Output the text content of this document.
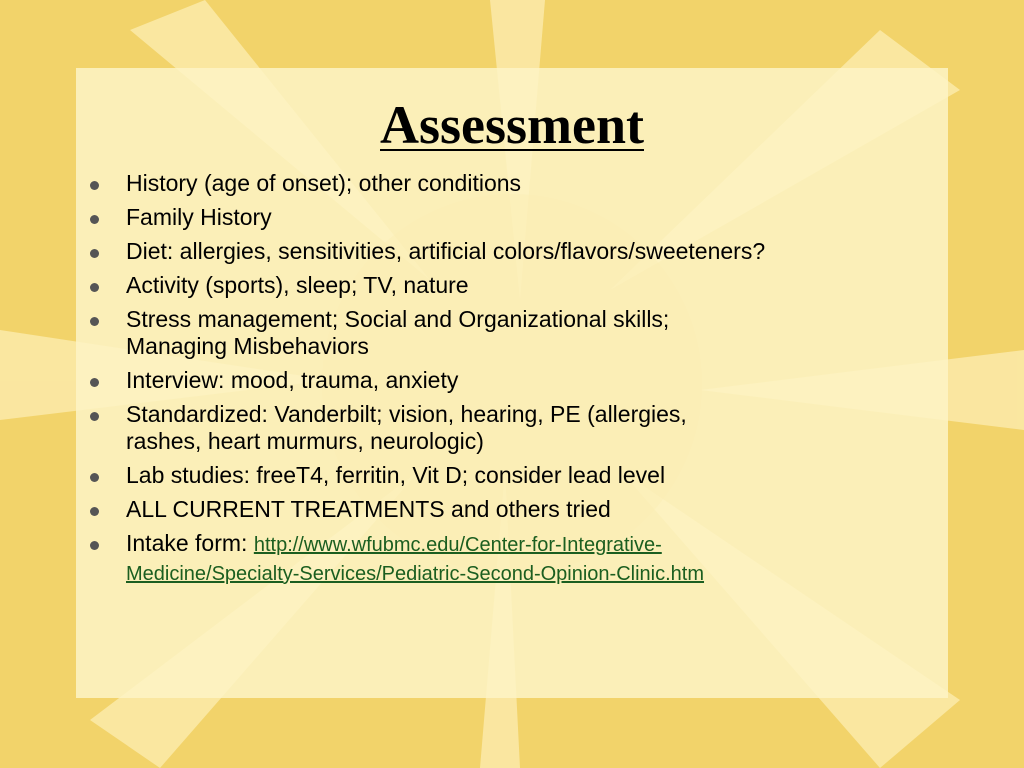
Assessment
History (age of onset); other conditions
Family History
Diet: allergies, sensitivities, artificial colors/flavors/sweeteners?
Activity (sports), sleep; TV, nature
Stress management; Social and Organizational skills;
Managing Misbehaviors
Interview: mood, trauma, anxiety
Standardized: Vanderbilt; vision, hearing, PE (allergies,
rashes, heart murmurs, neurologic)
Lab studies: freeT4, ferritin, Vit D; consider lead level
ALL CURRENT TREATMENTS and others tried
Intake form: http://www.wfubmc.edu/Center-for-Integrative-
Medicine/Specialty-Services/Pediatric-Second-Opinion-Clinic.htm
